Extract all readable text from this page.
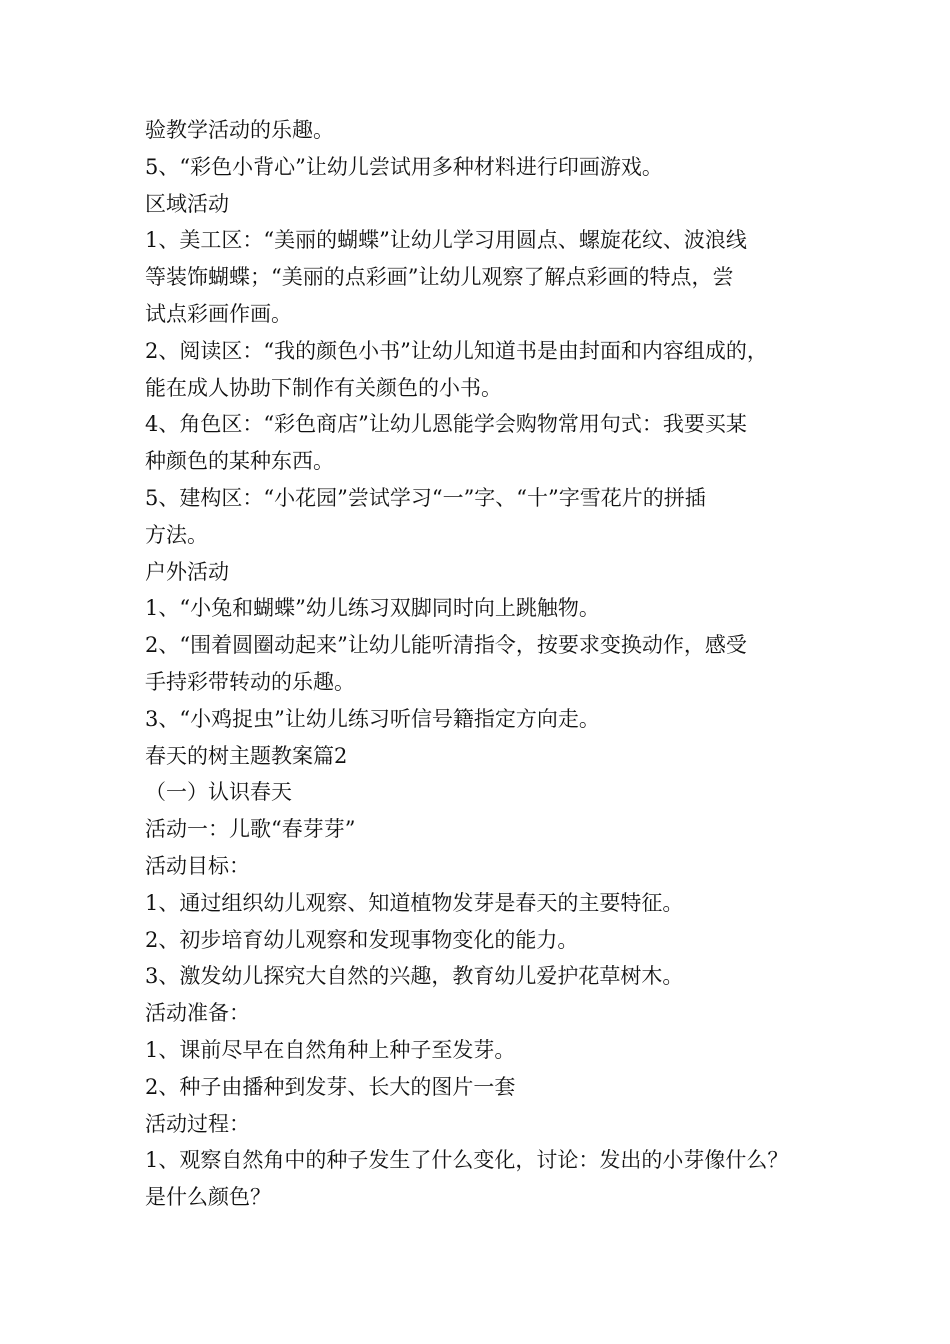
验教学活动的乐趣。

5、“彩色小背心”让幼儿尝试用多种材料进行印画游戏。

区域活动

1、美工区：“美丽的蝴蝶”让幼儿学习用圆点、螺旋花纹、波浪线

等装饰蝴蝶；“美丽的点彩画”让幼儿观察了解点彩画的特点，尝

试点彩画作画。

2、阅读区：“我的颜色小书”让幼儿知道书是由封面和内容组成的，

能在成人协助下制作有关颜色的小书。

4、角色区：“彩色商店”让幼儿恩能学会购物常用句式：我要买某

种颜色的某种东西。

5、建构区：“小花园”尝试学习“一”字、“十”字雪花片的拼插

方法。

户外活动

1、“小兔和蝴蝶”幼儿练习双脚同时向上跳触物。

2、“围着圆圈动起来”让幼儿能听清指令，按要求变换动作，感受

手持彩带转动的乐趣。

3、“小鸡捉虫”让幼儿练习听信号籍指定方向走。

春天的树主题教案篇2

（一）认识春天

活动一：儿歌“春芽芽”

活动目标：

1、通过组织幼儿观察、知道植物发芽是春天的主要特征。

2、初步培育幼儿观察和发现事物变化的能力。

3、激发幼儿探究大自然的兴趣，教育幼儿爱护花草树木。

活动准备：

1、课前尽早在自然角种上种子至发芽。

2、种子由播种到发芽、长大的图片一套

活动过程：

1、观察自然角中的种子发生了什么变化，讨论：发出的小芽像什么？

是什么颜色？
